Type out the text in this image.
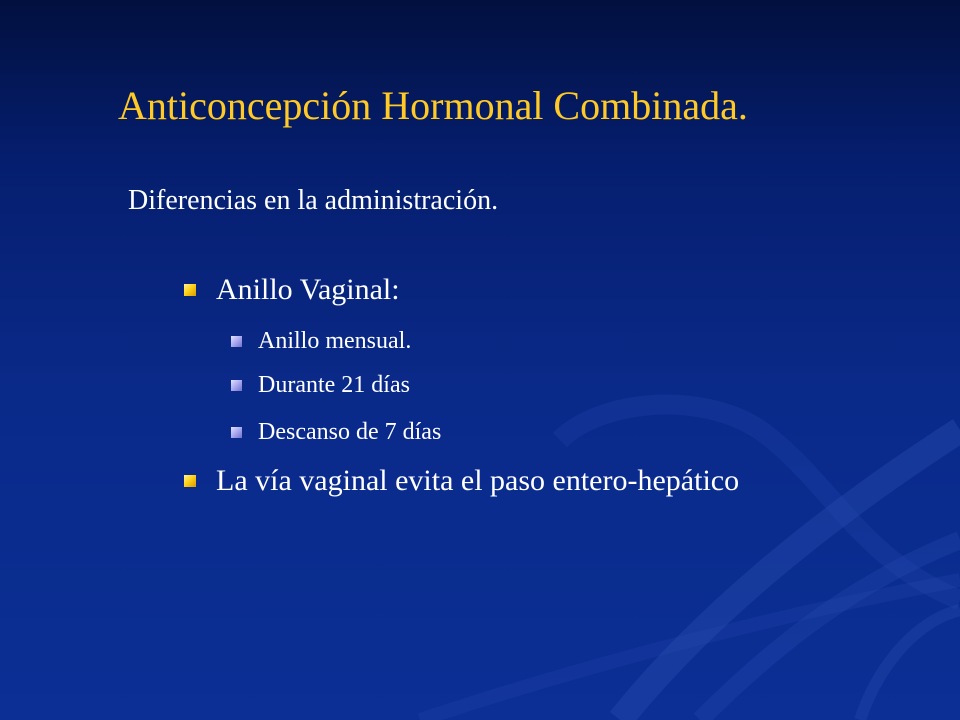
Anticoncepción Hormonal Combinada.

Diferencias en la administración.

Anillo Vaginal:
Anillo mensual.
Durante 21 días
Descanso de 7 días
La vía vaginal evita el paso entero-hepático
